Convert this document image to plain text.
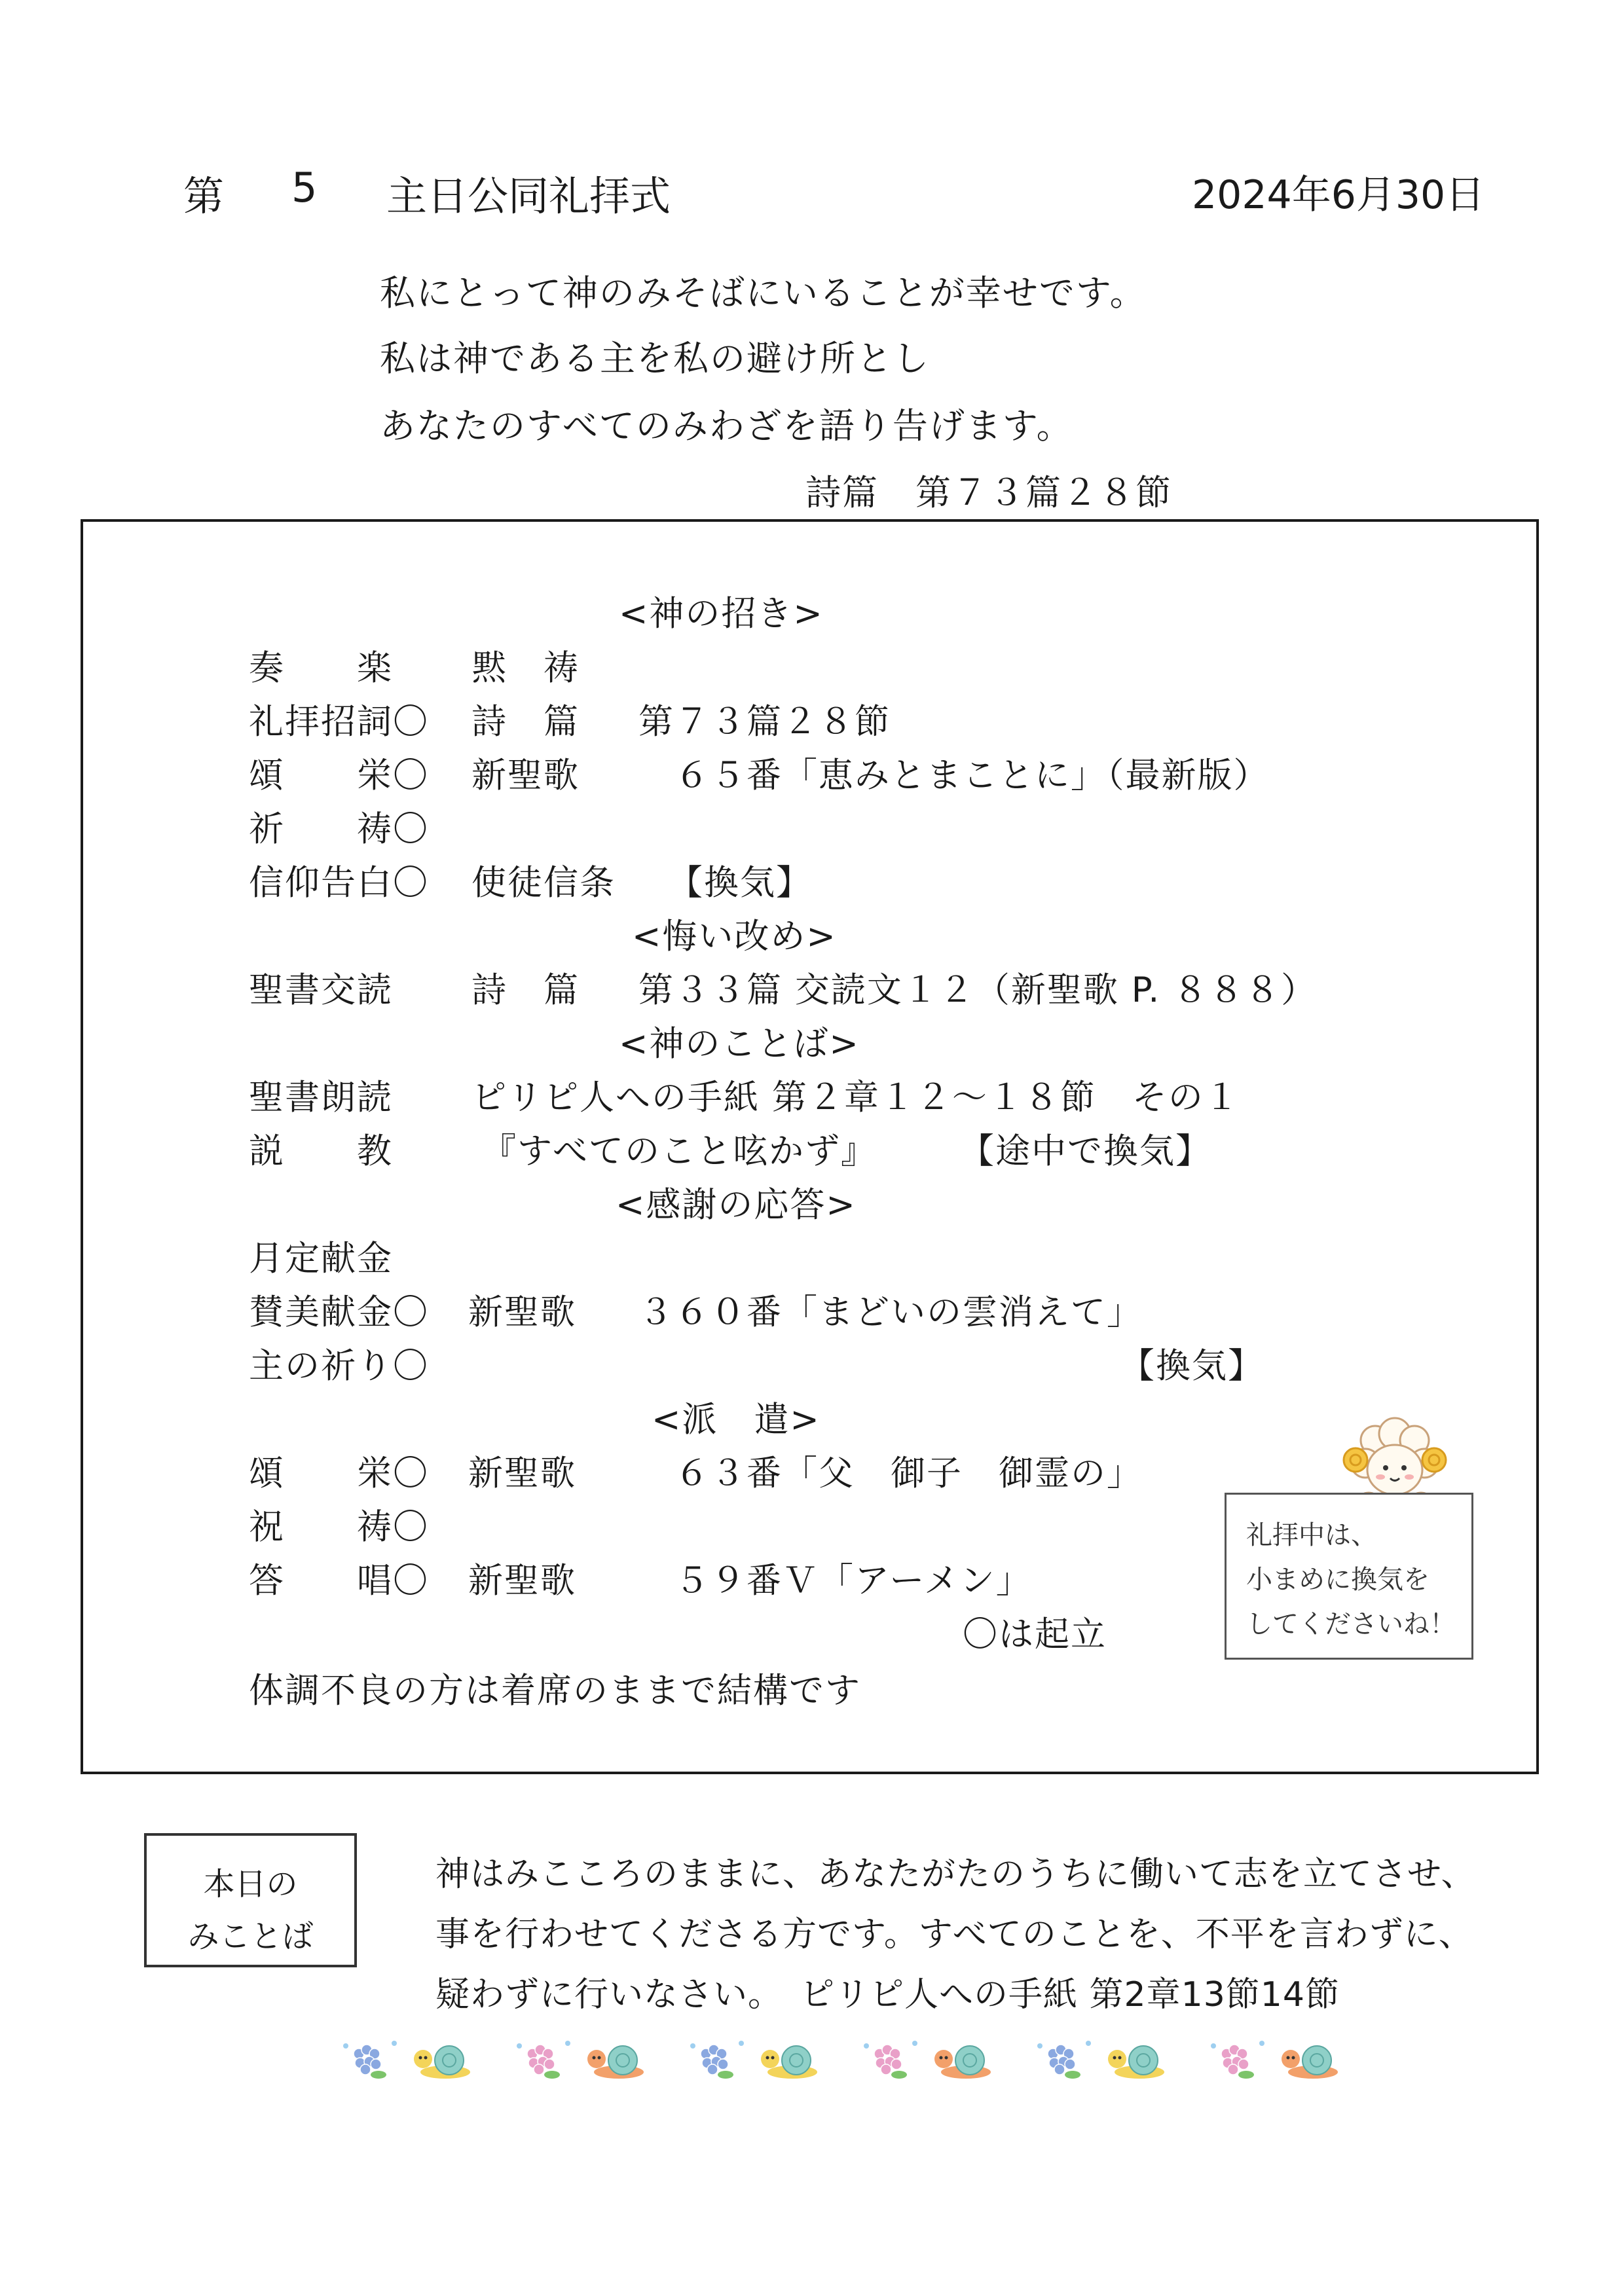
第 5 主日公同礼拝式	2024年6月30日
私にとって神のみそばにいることが幸せです。
私は神である主を私の避け所とし
あなたのすべてのみわざを語り告げます。
詩篇　第７３篇２８節
<神の招き>
奏　　楽 黙　祷
礼拝招詞〇 詩　篇 第７３篇２８節
頌　　栄〇 新聖歌	６５番「恵みとまことに」（最新版）
祈　　祷〇
信仰告白〇 使徒信条 【換気】
<悔い改め>
聖書交読 詩　篇 第３３篇 交読文１２（新聖歌 P. ８８８）
<神のことば>
聖書朗読 ピリピ人への手紙 第２章１２～１８節　その１
説　　教	『すべてのこと呟かず』 【途中で換気】
<感謝の応答>
月定献金
賛美献金〇 新聖歌 ３６０番「まどいの雲消えて」
主の祈り〇	【換気】
<派　遣>
頌　　栄〇 新聖歌	６３番「父　御子　御霊の」
祝　　祷〇
答　　唱〇 新聖歌	５９番Ｖ「アーメン」
〇は起立
体調不良の方は着席のままで結構です
礼拝中は、
小まめに換気を
してくださいね！
本日の
みことば
神はみこころのままに、あなたがたのうちに働いて志を立てさせ、
事を行わせてくださる方です。すべてのことを、不平を言わずに、
疑わずに行いなさい。　ピリピ人への手紙 第2章13節14節
